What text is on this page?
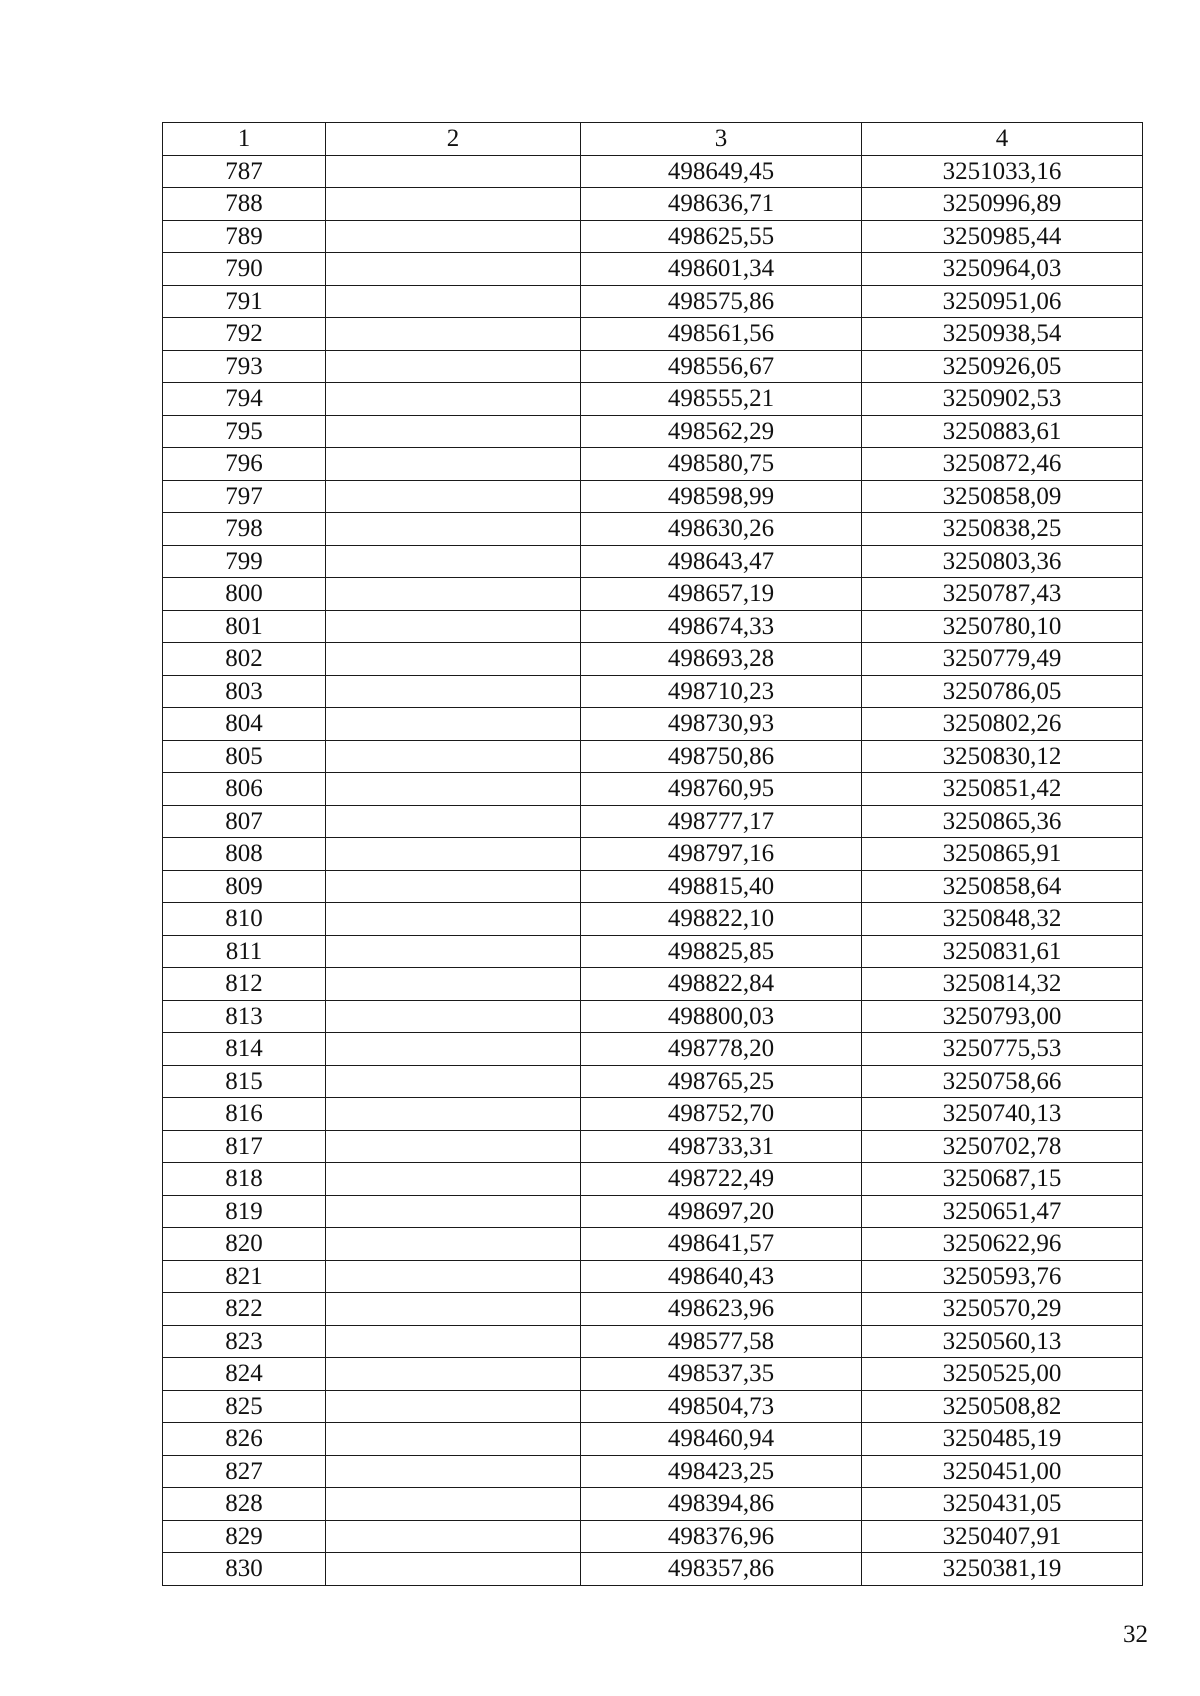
1	2	3	4
787		498649,45	3251033,16
788		498636,71	3250996,89
789		498625,55	3250985,44
790		498601,34	3250964,03
791		498575,86	3250951,06
792		498561,56	3250938,54
793		498556,67	3250926,05
794		498555,21	3250902,53
795		498562,29	3250883,61
796		498580,75	3250872,46
797		498598,99	3250858,09
798		498630,26	3250838,25
799		498643,47	3250803,36
800		498657,19	3250787,43
801		498674,33	3250780,10
802		498693,28	3250779,49
803		498710,23	3250786,05
804		498730,93	3250802,26
805		498750,86	3250830,12
806		498760,95	3250851,42
807		498777,17	3250865,36
808		498797,16	3250865,91
809		498815,40	3250858,64
810		498822,10	3250848,32
811		498825,85	3250831,61
812		498822,84	3250814,32
813		498800,03	3250793,00
814		498778,20	3250775,53
815		498765,25	3250758,66
816		498752,70	3250740,13
817		498733,31	3250702,78
818		498722,49	3250687,15
819		498697,20	3250651,47
820		498641,57	3250622,96
821		498640,43	3250593,76
822		498623,96	3250570,29
823		498577,58	3250560,13
824		498537,35	3250525,00
825		498504,73	3250508,82
826		498460,94	3250485,19
827		498423,25	3250451,00
828		498394,86	3250431,05
829		498376,96	3250407,91
830		498357,86	3250381,19
32
